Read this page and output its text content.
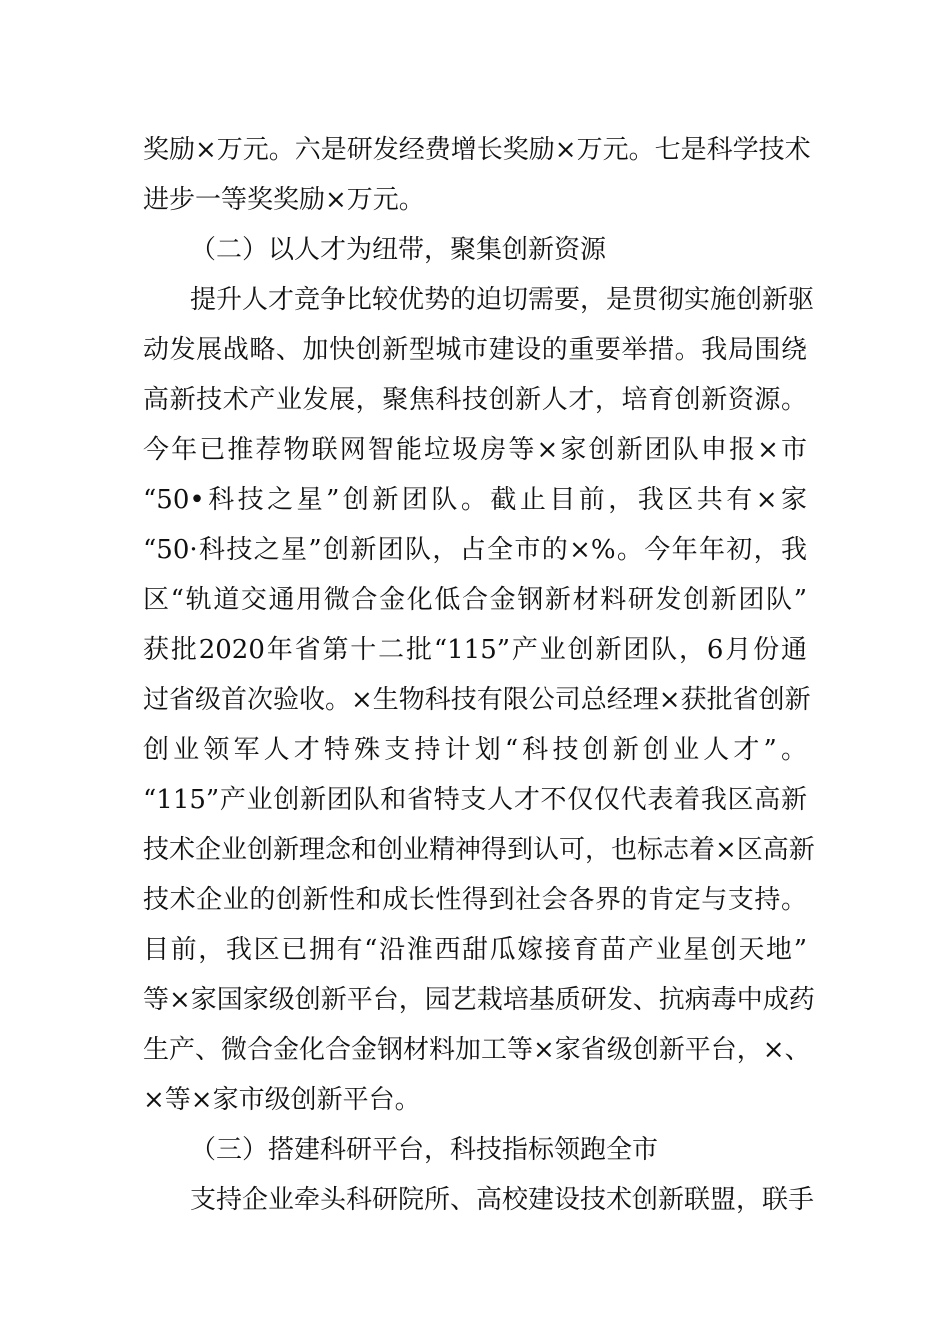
奖励×万元。六是研发经费增长奖励×万元。七是科学技术
进步一等奖奖励×万元。
（二）以人才为纽带，聚集创新资源
提升人才竞争比较优势的迫切需要，是贯彻实施创新驱
动发展战略、加快创新型城市建设的重要举措。我局围绕
高新技术产业发展，聚焦科技创新人才，培育创新资源。
今年已推荐物联网智能垃圾房等×家创新团队申报×市
“50•科技之星”创新团队。截止目前，我区共有×家
“50·科技之星”创新团队，占全市的×%。今年年初，我
区“轨道交通用微合金化低合金钢新材料研发创新团队”
获批2020年省第十二批“115”产业创新团队，6月份通
过省级首次验收。×生物科技有限公司总经理×获批省创新
创业领军人才特殊支持计划“科技创新创业人才”。
“115”产业创新团队和省特支人才不仅仅代表着我区高新
技术企业创新理念和创业精神得到认可，也标志着×区高新
技术企业的创新性和成长性得到社会各界的肯定与支持。
目前，我区已拥有“沿淮西甜瓜嫁接育苗产业星创天地”
等×家国家级创新平台，园艺栽培基质研发、抗病毒中成药
生产、微合金化合金钢材料加工等×家省级创新平台，×、
×等×家市级创新平台。
（三）搭建科研平台，科技指标领跑全市
支持企业牵头科研院所、高校建设技术创新联盟，联手
